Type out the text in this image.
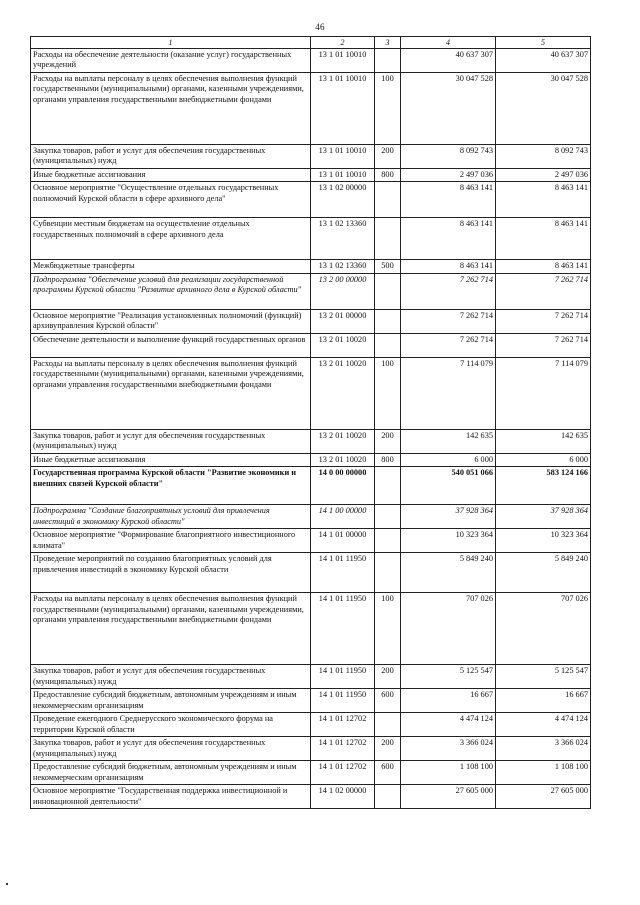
46
1	2	3	4	5
Расходы на обеспечение деятельности (оказание услуг) государственных учреждений	13 1 01 10010		40 637 307	40 637 307
Расходы на выплаты персоналу в целях обеспечения выполнения функций государственными (муниципальными) органами, казенными учреждениями, органами управления государственными внебюджетными фондами	13 1 01 10010	100	30 047 528	30 047 528
Закупка товаров, работ и услуг для обеспечения государственных (муниципальных) нужд	13 1 01 10010	200	8 092 743	8 092 743
Иные бюджетные ассигнования	13 1 01 10010	800	2 497 036	2 497 036
Основное мероприятие "Осуществление отдельных государственных полномочий Курской области в сфере архивного дела"	13 1 02 00000		8 463 141	8 463 141
Субвенции местным бюджетам на осуществление отдельных государственных полномочий в сфере архивного дела	13 1 02 13360		8 463 141	8 463 141
Межбюджетные трансферты	13 1 02 13360	500	8 463 141	8 463 141
Подпрограмма "Обеспечение условий для реализации государственной программы Курской области "Развитие архивного дела в Курской области"	13 2 00 00000		7 262 714	7 262 714
Основное мероприятие "Реализация установленных полномочий (функций) архивуправления Курской области"	13 2 01 00000		7 262 714	7 262 714
Обеспечение деятельности и выполнение функций государственных органов	13 2 01 10020		7 262 714	7 262 714
Расходы на выплаты персоналу в целях обеспечения выполнения функций государственными (муниципальными) органами, казенными учреждениями, органами управления государственными внебюджетными фондами	13 2 01 10020	100	7 114 079	7 114 079
Закупка товаров, работ и услуг для обеспечения государственных (муниципальных) нужд	13 2 01 10020	200	142 635	142 635
Иные бюджетные ассигнования	13 2 01 10020	800	6 000	6 000
Государственная программа Курской области "Развитие экономики и внешних связей Курской области"	14 0 00 00000		540 051 066	583 124 166
Подпрограмма "Создание благоприятных условий для привлечения инвестиций в экономику Курской области"	14 1 00 00000		37 928 364	37 928 364
Основное мероприятие "Формирование благоприятного инвестиционного климата"	14 1 01 00000		10 323 364	10 323 364
Проведение мероприятий по созданию благоприятных условий для привлечения инвестиций в экономику Курской области	14 1 01 11950		5 849 240	5 849 240
Расходы на выплаты персоналу в целях обеспечения выполнения функций государственными (муниципальными) органами, казенными учреждениями, органами управления государственными внебюджетными фондами	14 1 01 11950	100	707 026	707 026
Закупка товаров, работ и услуг для обеспечения государственных (муниципальных) нужд	14 1 01 11950	200	5 125 547	5 125 547
Предоставление субсидий бюджетным, автономным учреждениям и иным некоммерческим организациям	14 1 01 11950	600	16 667	16 667
Проведение ежегодного Среднерусского экономического форума на территории Курской области	14 1 01 12702		4 474 124	4 474 124
Закупка товаров, работ и услуг для обеспечения государственных (муниципальных) нужд	14 1 01 12702	200	3 366 024	3 366 024
Предоставление субсидий бюджетным, автономным учреждениям и иным некоммерческим организациям	14 1 01 12702	600	1 108 100	1 108 100
Основное мероприятие "Государственная поддержка инвестиционной и инновационной деятельности"	14 1 02 00000		27 605 000	27 605 000
